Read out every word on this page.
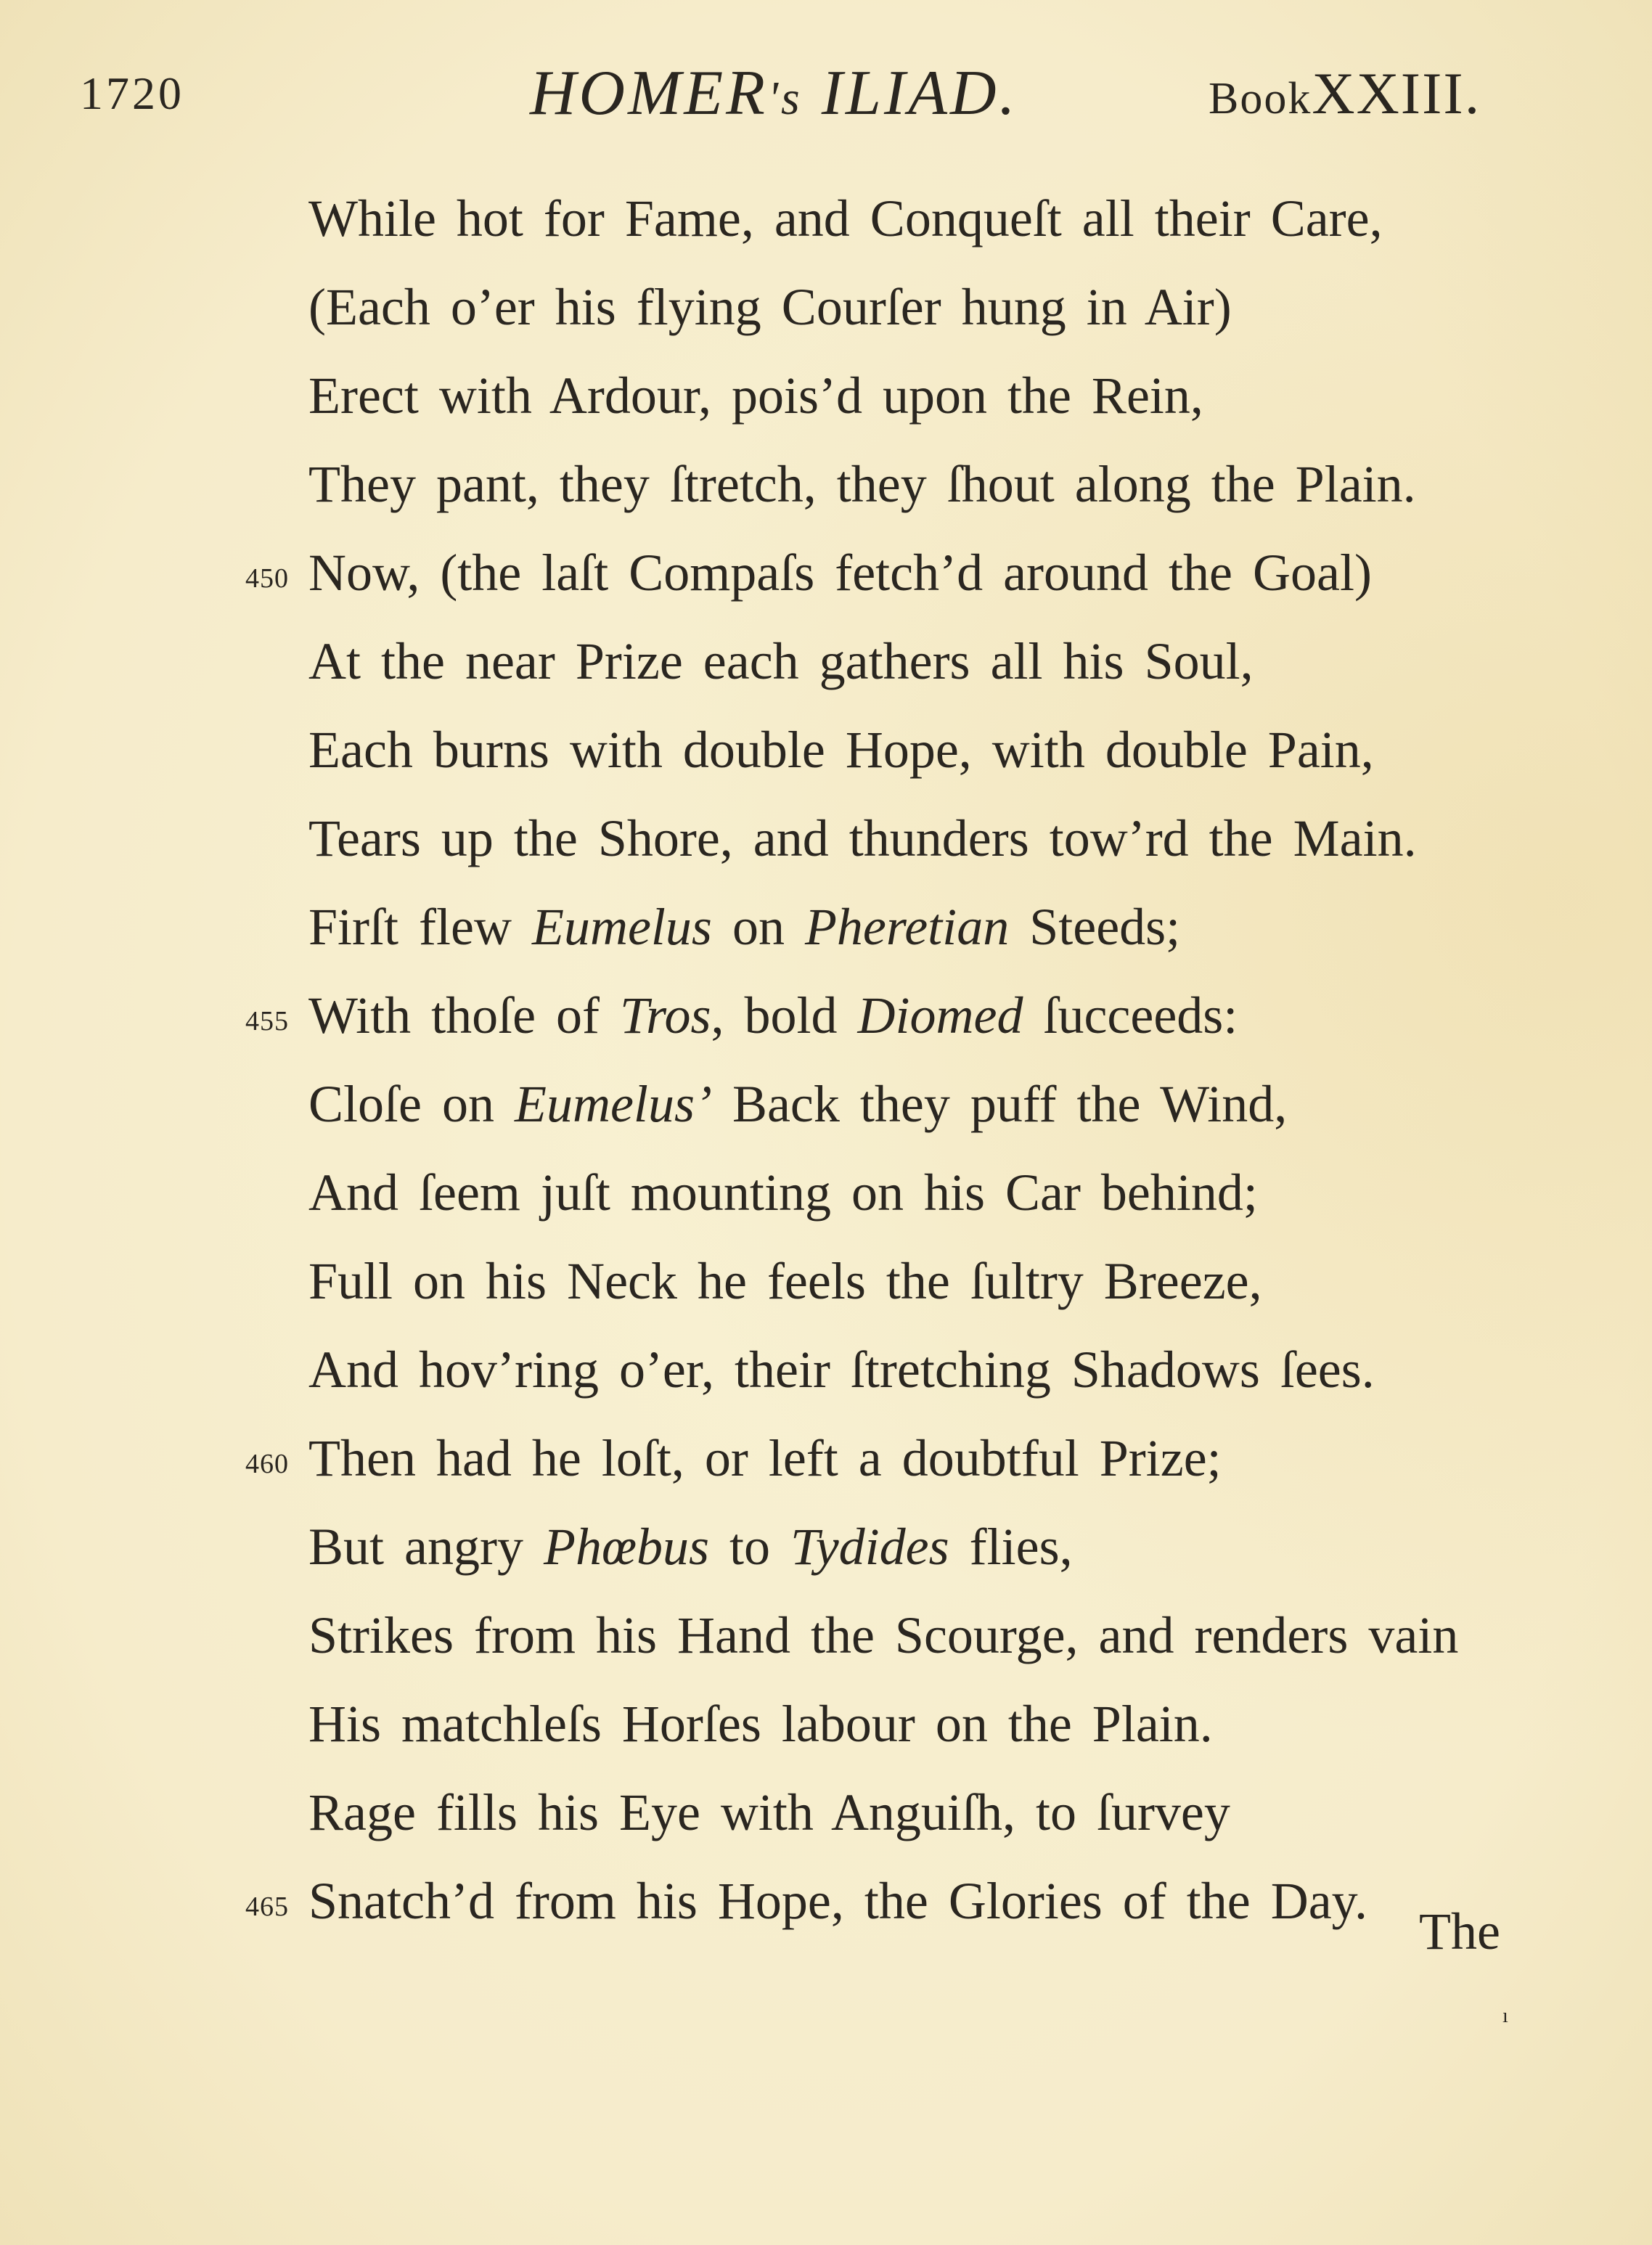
1720	HOMER's ILIAD.	BookXXIII.
While hot for Fame, and Conqueſt all their Care,
(Each o’er his flying Courſer hung in Air)
Erect with Ardour, pois’d upon the Rein,
They pant, they ſtretch, they ſhout along the Plain.
450 Now, (the laſt Compaſs fetch’d around the Goal)
At the near Prize each gathers all his Soul,
Each burns with double Hope, with double Pain,
Tears up the Shore, and thunders tow’rd the Main.
Firſt flew Eumelus on Pheretian Steeds;
455 With thoſe of Tros, bold Diomed ſucceeds:
Cloſe on Eumelus’ Back they puff the Wind,
And ſeem juſt mounting on his Car behind;
Full on his Neck he feels the ſultry Breeze,
And hov’ring o’er, their ſtretching Shadows ſees.
460 Then had he loſt, or left a doubtful Prize;
But angry Phœbus to Tydides flies,
Strikes from his Hand the Scourge, and renders vain
His matchleſs Horſes labour on the Plain.
Rage fills his Eye with Anguiſh, to ſurvey
465 Snatch’d from his Hope, the Glories of the Day.
The
ı
